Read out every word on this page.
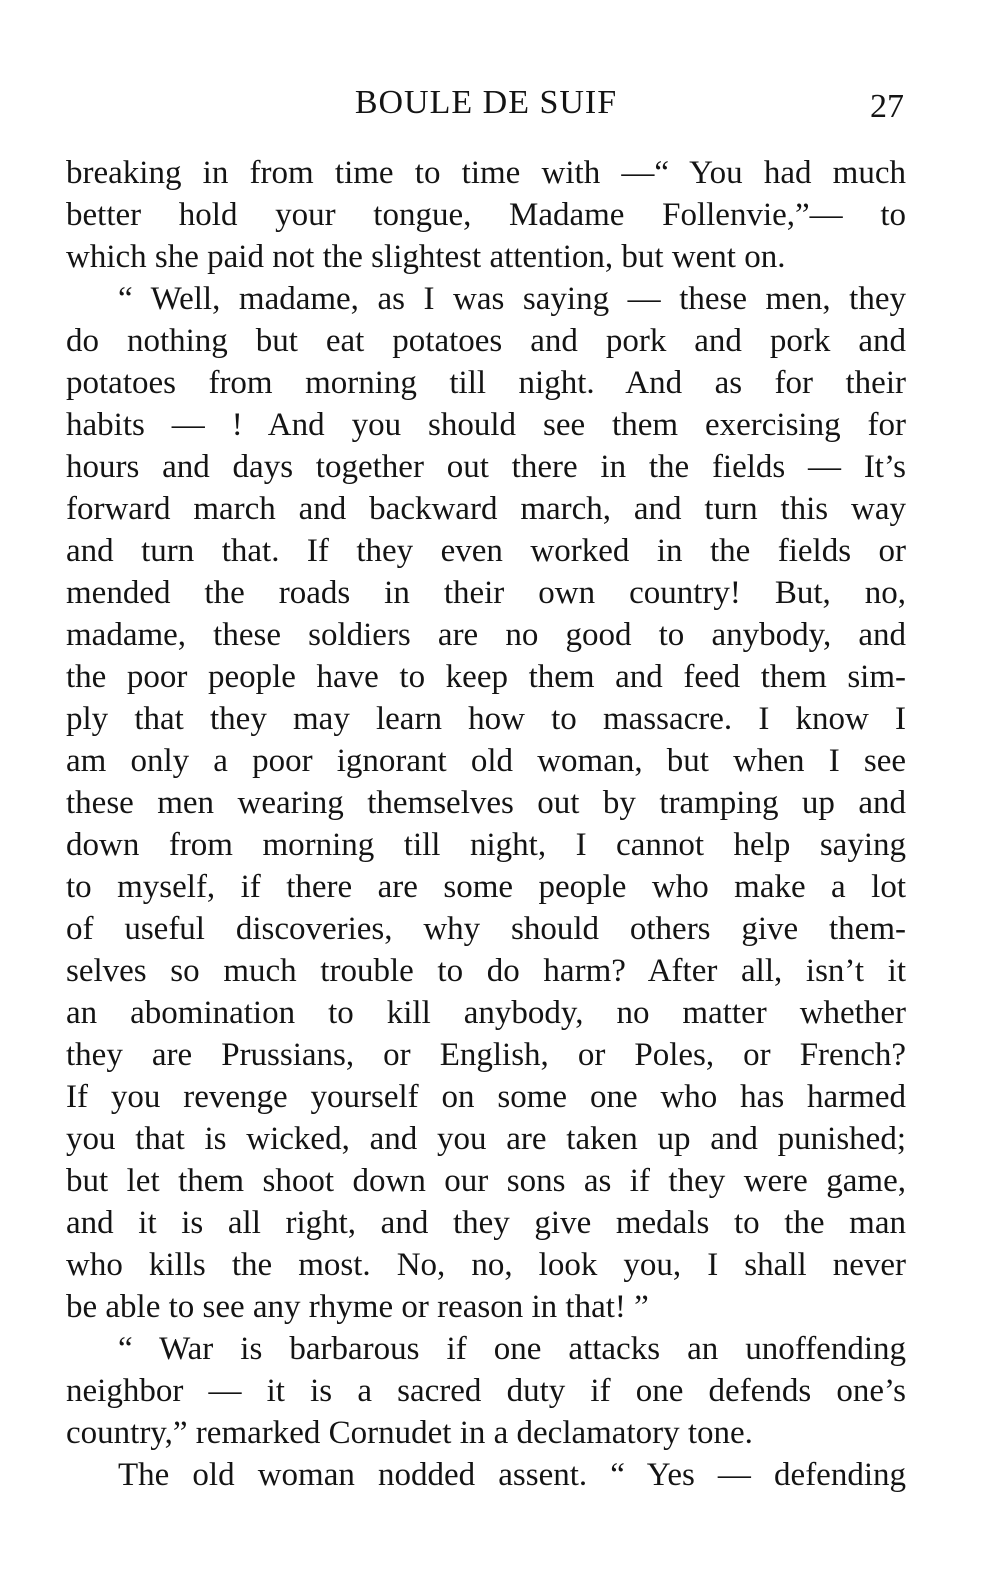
BOULE DE SUIF	27
breaking in from time to time with —“ You had much
better hold your tongue, Madame Follenvie,”— to
which she paid not the slightest attention, but went on.
“ Well, madame, as I was saying — these men, they
do nothing but eat potatoes and pork and pork and
potatoes from morning till night. And as for their
habits — ! And you should see them exercising for
hours and days together out there in the fields — It’s
forward march and backward march, and turn this way
and turn that. If they even worked in the fields or
mended the roads in their own country! But, no,
madame, these soldiers are no good to anybody, and
the poor people have to keep them and feed them sim-
ply that they may learn how to massacre. I know I
am only a poor ignorant old woman, but when I see
these men wearing themselves out by tramping up and
down from morning till night, I cannot help saying
to myself, if there are some people who make a lot
of useful discoveries, why should others give them-
selves so much trouble to do harm? After all, isn’t it
an abomination to kill anybody, no matter whether
they are Prussians, or English, or Poles, or French?
If you revenge yourself on some one who has harmed
you that is wicked, and you are taken up and punished;
but let them shoot down our sons as if they were game,
and it is all right, and they give medals to the man
who kills the most. No, no, look you, I shall never
be able to see any rhyme or reason in that! ”
“ War is barbarous if one attacks an unoffending
neighbor — it is a sacred duty if one defends one’s
country,” remarked Cornudet in a declamatory tone.
The old woman nodded assent. “ Yes — defending
